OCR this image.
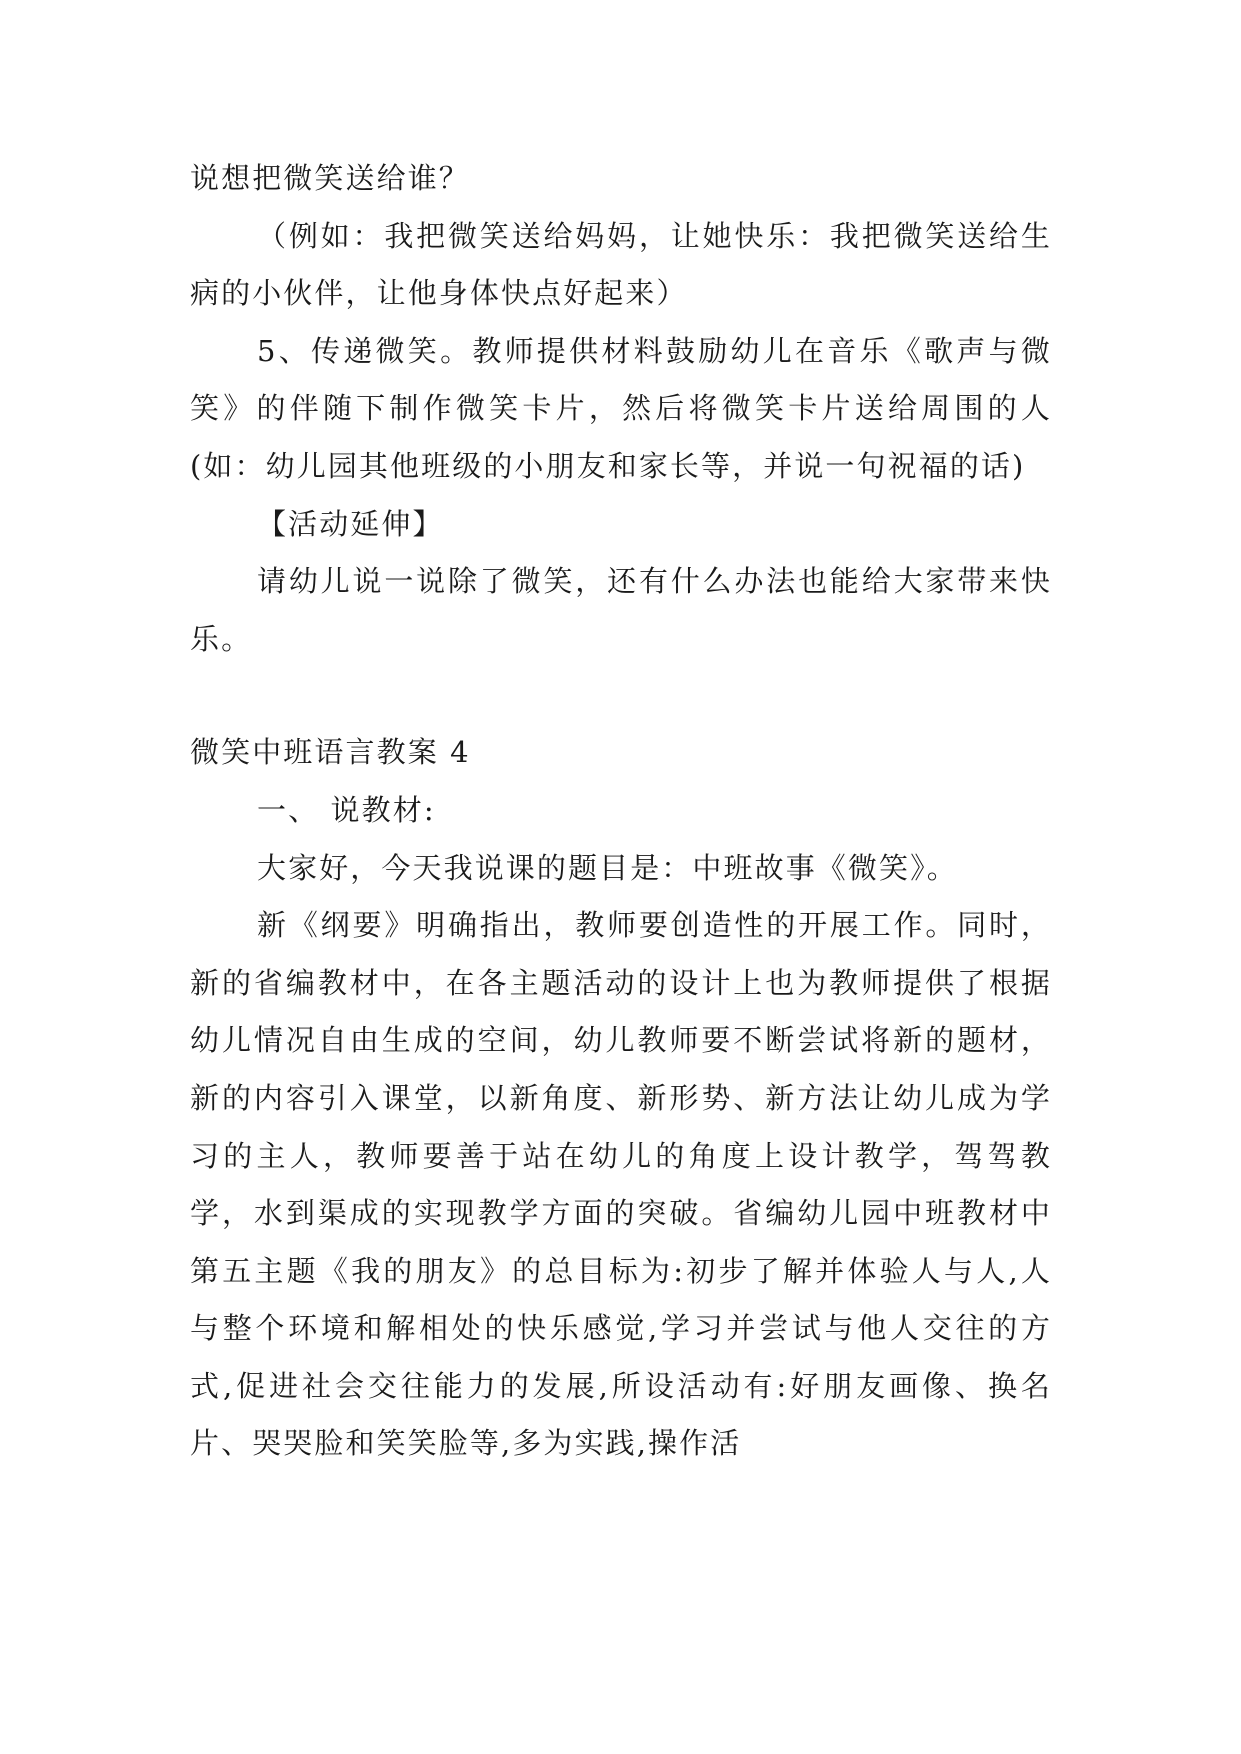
说想把微笑送给谁？

（例如：我把微笑送给妈妈，让她快乐：我把微笑送给生病的小伙伴，让他身体快点好起来）

5、传递微笑。教师提供材料鼓励幼儿在音乐《歌声与微笑》的伴随下制作微笑卡片，然后将微笑卡片送给周围的人(如：幼儿园其他班级的小朋友和家长等，并说一句祝福的话)

【活动延伸】

请幼儿说一说除了微笑，还有什么办法也能给大家带来快乐。

微笑中班语言教案 4

一、 说教材:

大家好，今天我说课的题目是：中班故事《微笑》。

新《纲要》明确指出，教师要创造性的开展工作。同时，新的省编教材中，在各主题活动的设计上也为教师提供了根据幼儿情况自由生成的空间，幼儿教师要不断尝试将新的题材，新的内容引入课堂，以新角度、新形势、新方法让幼儿成为学习的主人，教师要善于站在幼儿的角度上设计教学，驾驾教学，水到渠成的实现教学方面的突破。省编幼儿园中班教材中第五主题《我的朋友》的总目标为:初步了解并体验人与人,人与整个环境和解相处的快乐感觉,学习并尝试与他人交往的方式,促进社会交往能力的发展,所设活动有:好朋友画像、换名片、哭哭脸和笑笑脸等,多为实践,操作活
